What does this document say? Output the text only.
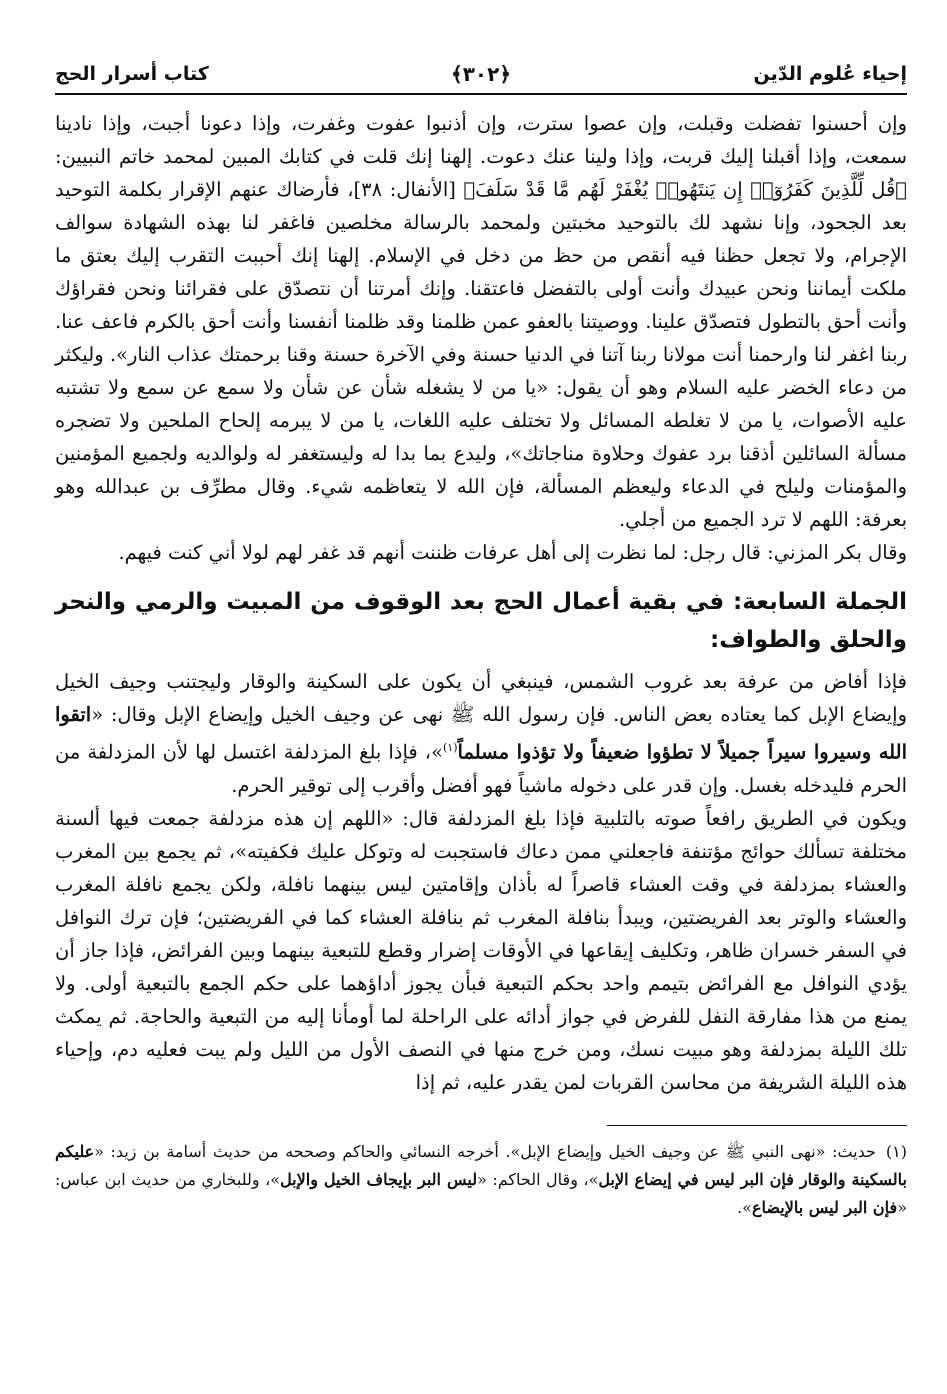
إحياء عُلوم الدّين
﴿٣٠٢﴾
كتاب أسرار الحج

وإن أحسنوا تفضلت وقبلت، وإن عصوا سترت، وإن أذنبوا عفوت وغفرت، وإذا دعونا أجبت، وإذا نادينا سمعت، وإذا أقبلنا إليك قربت، وإذا ولينا عنك دعوت. إلهنا إنك قلت في كتابك المبين لمحمد خاتم النبيين: ﴿قُل لِّلَّذِينَ كَفَرُوٓا۟ إِن يَنتَهُوا۟ يُغْفَرْ لَهُم مَّا قَدْ سَلَفَ﴾ [الأنفال: ٣٨]، فأرضاك عنهم الإقرار بكلمة التوحيد بعد الجحود، وإنا نشهد لك بالتوحيد مخبتين ولمحمد بالرسالة مخلصين فاغفر لنا بهذه الشهادة سوالف الإجرام، ولا تجعل حظنا فيه أنقص من حظ من دخل في الإسلام. إلهنا إنك أحببت التقرب إليك بعتق ما ملكت أيماننا ونحن عبيدك وأنت أولى بالتفضل فاعتقنا. وإنك أمرتنا أن نتصدّق على فقرائنا ونحن فقراؤك وأنت أحق بالتطول فتصدّق علينا. ووصيتنا بالعفو عمن ظلمنا وقد ظلمنا أنفسنا وأنت أحق بالكرم فاعف عنا. ربنا اغفر لنا وارحمنا أنت مولانا ربنا آتنا في الدنيا حسنة وفي الآخرة حسنة وقنا برحمتك عذاب النار». وليكثر من دعاء الخضر عليه السلام وهو أن يقول: «يا من لا يشغله شأن عن شأن ولا سمع عن سمع ولا تشتبه عليه الأصوات، يا من لا تغلطه المسائل ولا تختلف عليه اللغات، يا من لا يبرمه إلحاح الملحين ولا تضجره مسألة السائلين أذقنا برد عفوك وحلاوة مناجاتك»، وليدع بما بدا له وليستغفر له ولوالديه ولجميع المؤمنين والمؤمنات وليلح في الدعاء وليعظم المسألة، فإن الله لا يتعاظمه شيء. وقال مطرِّف بن عبدالله وهو بعرفة: اللهم لا ترد الجميع من أجلي.

وقال بكر المزني: قال رجل: لما نظرت إلى أهل عرفات ظننت أنهم قد غفر لهم لولا أني كنت فيهم.

الجملة السابعة: في بقية أعمال الحج بعد الوقوف من المبيت والرمي والنحر والحلق والطواف:

فإذا أفاض من عرفة بعد غروب الشمس، فينبغي أن يكون على السكينة والوقار وليجتنب وجيف الخيل وإيضاع الإبل كما يعتاده بعض الناس. فإن رسول الله ﷺ نهى عن وجيف الخيل وإيضاع الإبل وقال: «اتقوا الله وسيروا سيراً جميلاً لا تطؤوا ضعيفاً ولا تؤذوا مسلماً$^{(١)}$»، فإذا بلغ المزدلفة اغتسل لها لأن المزدلفة من الحرم فليدخله بغسل. وإن قدر على دخوله ماشياً فهو أفضل وأقرب إلى توقير الحرم.

ويكون في الطريق رافعاً صوته بالتلبية فإذا بلغ المزدلفة قال: «اللهم إن هذه مزدلفة جمعت فيها ألسنة مختلفة تسألك حوائج مؤتنفة فاجعلني ممن دعاك فاستجبت له وتوكل عليك فكفيته»، ثم يجمع بين المغرب والعشاء بمزدلفة في وقت العشاء قاصراً له بأذان وإقامتين ليس بينهما نافلة، ولكن يجمع نافلة المغرب والعشاء والوتر بعد الفريضتين، ويبدأ بنافلة المغرب ثم بنافلة العشاء كما في الفريضتين؛ فإن ترك النوافل في السفر خسران ظاهر، وتكليف إيقاعها في الأوقات إضرار وقطع للتبعية بينهما وبين الفرائض، فإذا جاز أن يؤدي النوافل مع الفرائض بتيمم واحد بحكم التبعية فبأن يجوز أداؤهما على حكم الجمع بالتبعية أولى. ولا يمنع من هذا مفارقة النفل للفرض في جواز أدائه على الراحلة لما أومأنا إليه من التبعية والحاجة. ثم يمكث تلك الليلة بمزدلفة وهو مبيت نسك، ومن خرج منها في النصف الأول من الليل ولم يبت فعليه دم، وإحياء هذه الليلة الشريفة من محاسن القربات لمن يقدر عليه، ثم إذا

(١)حديث: «نهى النبي ﷺ عن وجيف الخيل وإيضاع الإبل». أخرجه النسائي والحاكم وصححه من حديث أسامة بن زيد: «عليكم بالسكينة والوقار فإن البر ليس في إيضاع الإبل»، وقال الحاكم: «ليس البر بإيجاف الخيل والإبل»، وللبخاري من حديث ابن عباس: «فإن البر ليس بالإيضاع».
